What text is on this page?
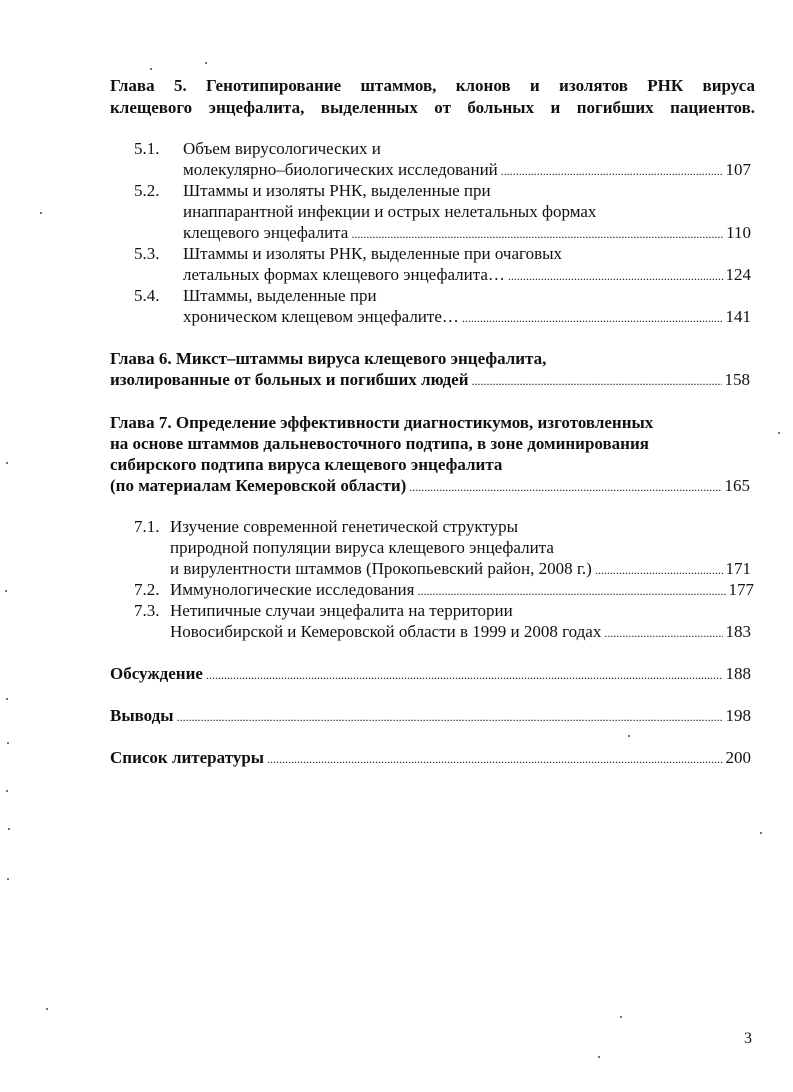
Глава 5. Генотипирование штаммов, клонов и изолятов РНК вируса
клещевого энцефалита, выделенных от больных и погибших пациентов.
5.1. Объем вирусологических и
молекулярно–биологических исследований .....	107
5.2. Штаммы и изоляты РНК, выделенные при
инаппарантной инфекции и острых нелетальных формах
клещевого энцефалита .....	110
5.3. Штаммы и изоляты РНК, выделенные при очаговых
летальных формах клещевого энцефалита… .....	124
5.4. Штаммы, выделенные при
хроническом клещевом энцефалите… .....	141
Глава 6. Микст–штаммы вируса клещевого энцефалита,
изолированные от больных и погибших людей .....	158
Глава 7. Определение эффективности диагностикумов, изготовленных
на основе штаммов дальневосточного подтипа, в зоне доминирования
сибирского подтипа вируса клещевого энцефалита
(по материалам Кемеровской области) .....	165
7.1. Изучение современной генетической структуры
природной популяции вируса клещевого энцефалита
и вирулентности штаммов (Прокопьевский район, 2008 г.) .....	171
7.2. Иммунологические исследования .....	177
7.3. Нетипичные случаи энцефалита на территории
Новосибирской и Кемеровской области в 1999 и 2008 годах .....	183
Обсуждение .....	188
Выводы .....	198
Список литературы .....	200
3
